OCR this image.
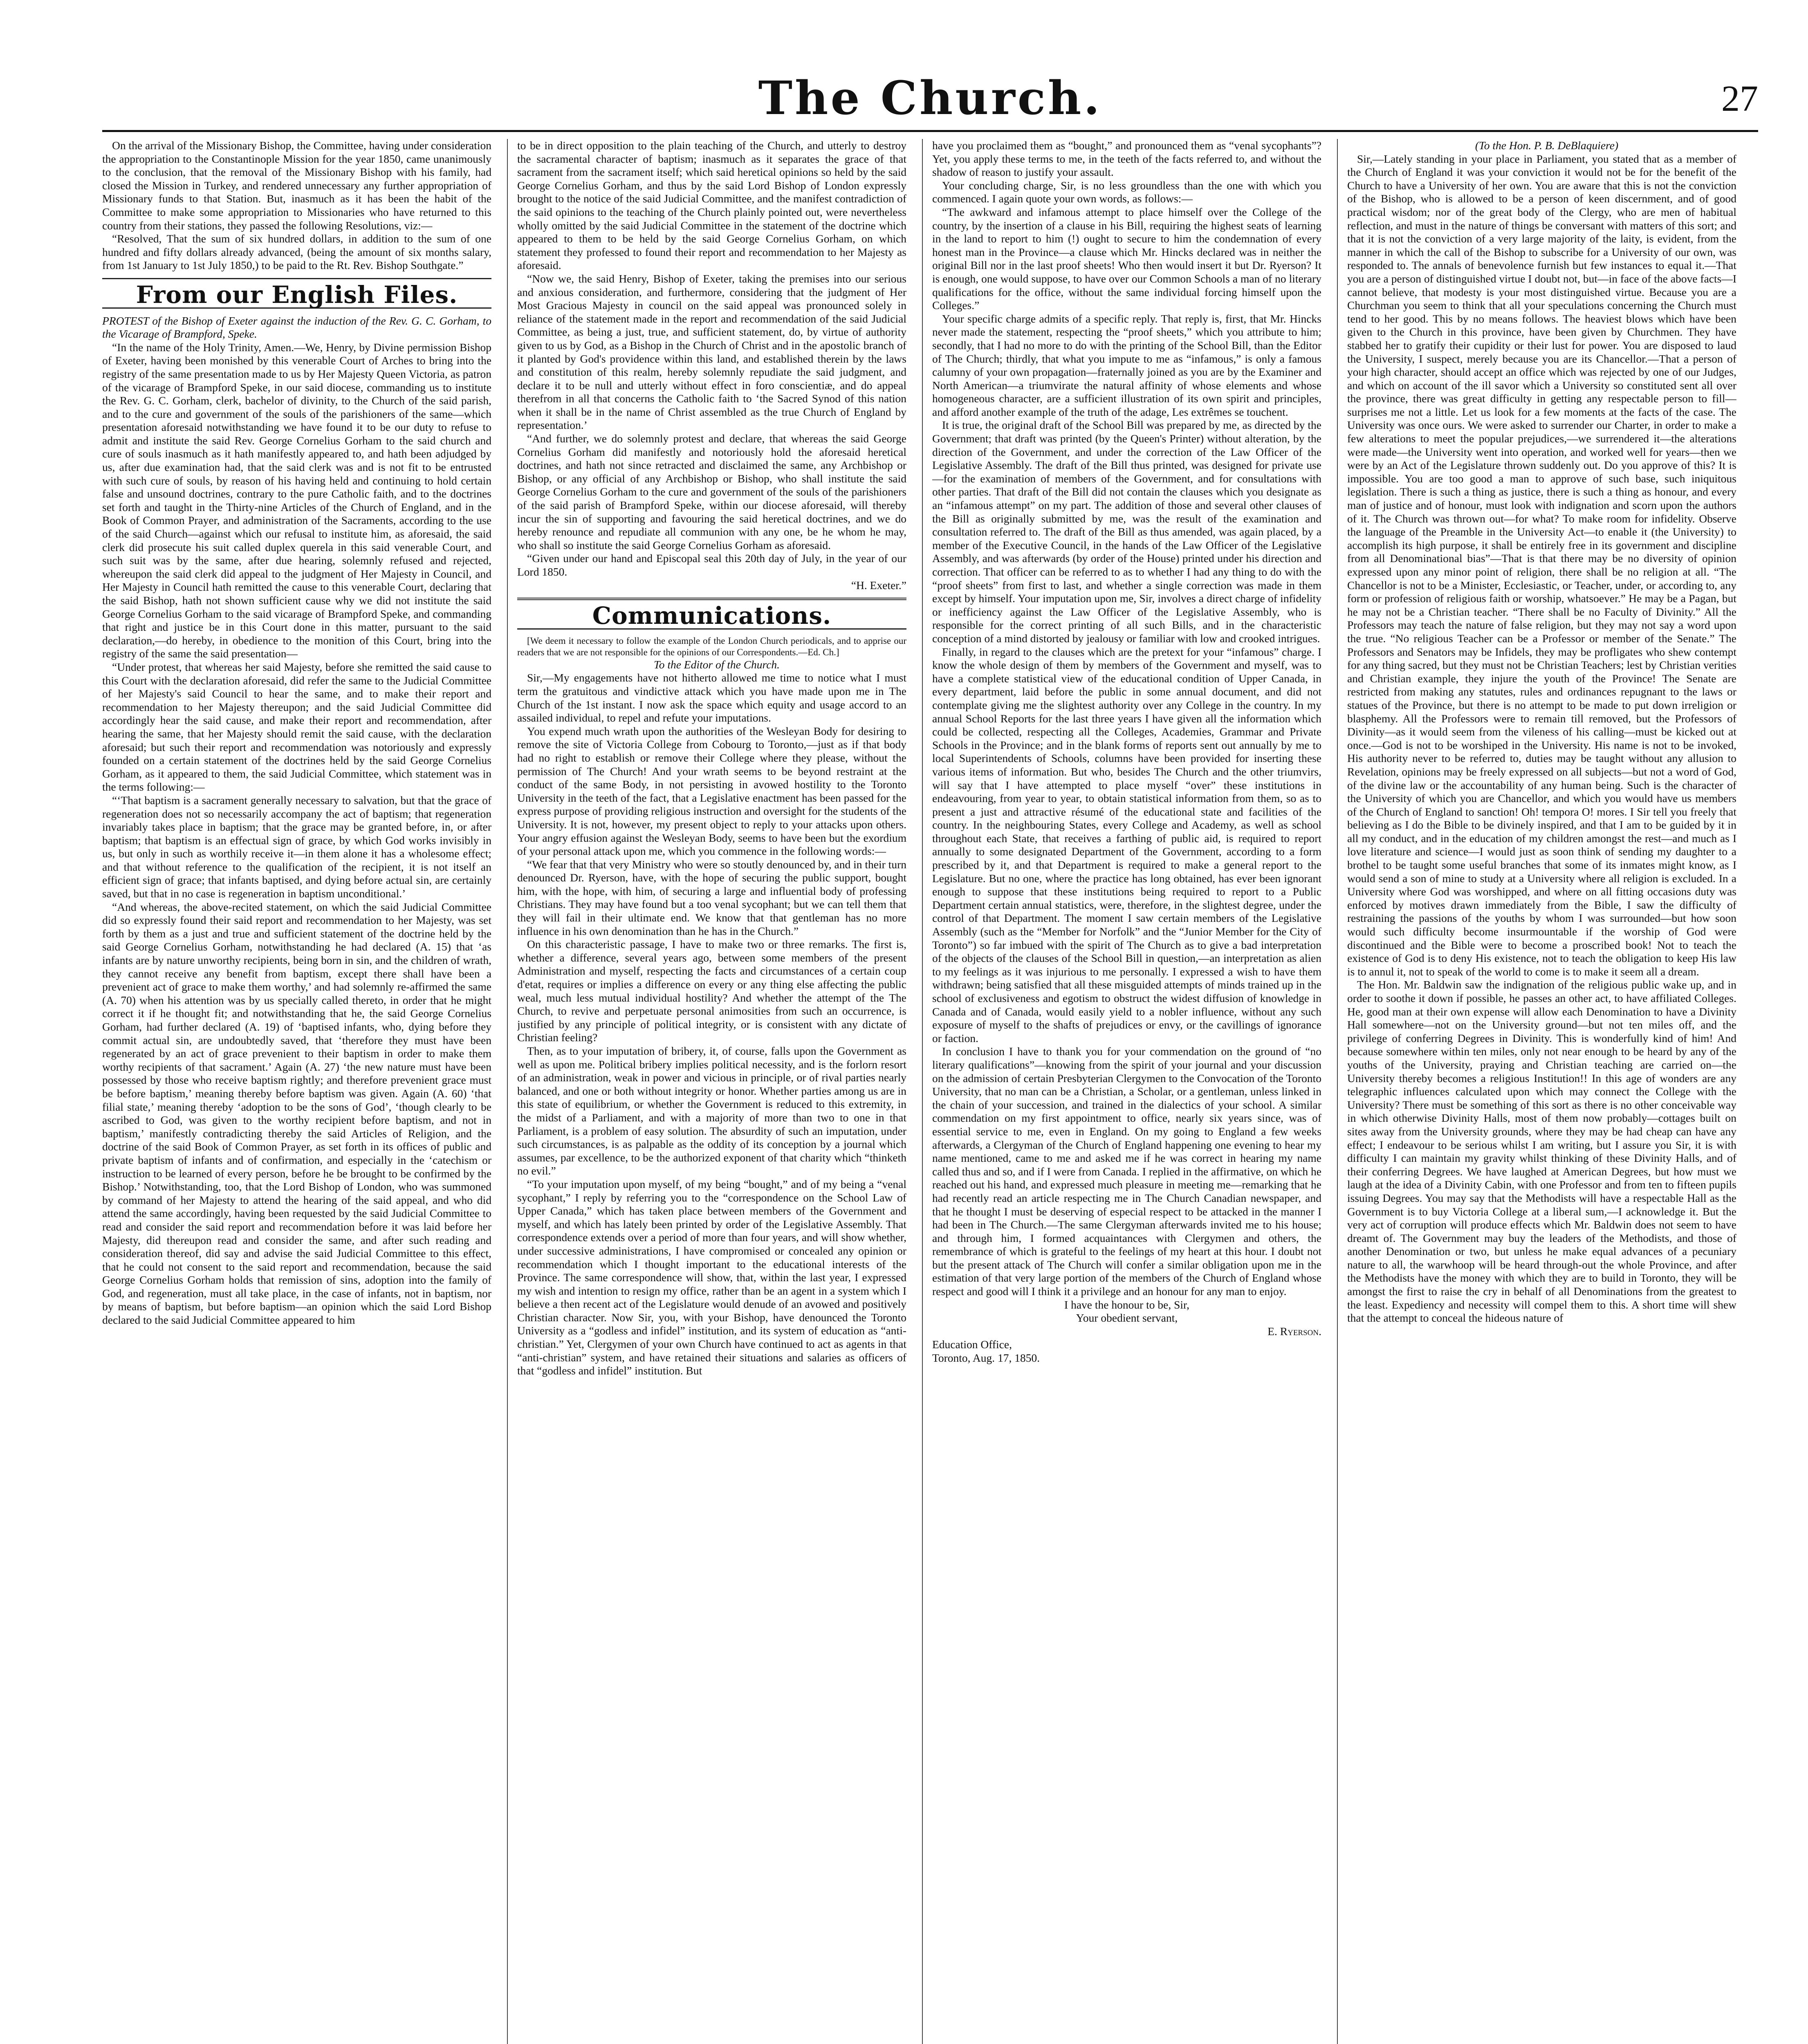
The Church.	27

On the arrival of the Missionary Bishop, the Committee, having under consideration the appropriation to the Constantinople Mission for the year 1850, came unanimously to the conclusion, that the removal of the Missionary Bishop with his family, had closed the Mission in Turkey, and rendered unnecessary any further appropriation of Missionary funds to that Station. But, inasmuch as it has been the habit of the Committee to make some appropriation to Missionaries who have returned to this country from their stations, they passed the following Resolutions, viz:—

“Resolved, That the sum of six hundred dollars, in addition to the sum of one hundred and fifty dollars already advanced, (being the amount of six months salary, from 1st January to 1st July 1850,) to be paid to the Rt. Rev. Bishop Southgate.”

From our English Files.

PROTEST of the Bishop of Exeter against the induction of the Rev. G. C. Gorham, to the Vicarage of Brampford, Speke.

“In the name of the Holy Trinity, Amen.—We, Henry, by Divine permission Bishop of Exeter, having been monished by this venerable Court of Arches to bring into the registry of the same presentation made to us by Her Majesty Queen Victoria, as patron of the vicarage of Brampford Speke, in our said diocese, commanding us to institute the Rev. G. C. Gorham, clerk, bachelor of divinity, to the Church of the said parish, and to the cure and government of the souls of the parishioners of the same—which presentation aforesaid notwithstanding we have found it to be our duty to refuse to admit and institute the said Rev. George Cornelius Gorham to the said church and cure of souls inasmuch as it hath manifestly appeared to, and hath been adjudged by us, after due examination had, that the said clerk was and is not fit to be entrusted with such cure of souls, by reason of his having held and continuing to hold certain false and unsound doctrines, contrary to the pure Catholic faith, and to the doctrines set forth and taught in the Thirty-nine Articles of the Church of England, and in the Book of Common Prayer, and administration of the Sacraments, according to the use of the said Church—against which our refusal to institute him, as aforesaid, the said clerk did prosecute his suit called duplex querela in this said venerable Court, and such suit was by the same, after due hearing, solemnly refused and rejected, whereupon the said clerk did appeal to the judgment of Her Majesty in Council, and Her Majesty in Council hath remitted the cause to this venerable Court, declaring that the said Bishop, hath not shown sufficient cause why we did not institute the said George Cornelius Gorham to the said vicarage of Brampford Speke, and commanding that right and justice be in this Court done in this matter, pursuant to the said declaration,—do hereby, in obedience to the monition of this Court, bring into the registry of the same the said presentation—

“Under protest, that whereas her said Majesty, before she remitted the said cause to this Court with the declaration aforesaid, did refer the same to the Judicial Committee of her Majesty's said Council to hear the same, and to make their report and recommendation to her Majesty thereupon; and the said Judicial Committee did accordingly hear the said cause, and make their report and recommendation, after hearing the same, that her Majesty should remit the said cause, with the declaration aforesaid; but such their report and recommendation was notoriously and expressly founded on a certain statement of the doctrines held by the said George Cornelius Gorham, as it appeared to them, the said Judicial Committee, which statement was in the terms following:—

“‘That baptism is a sacrament generally necessary to salvation, but that the grace of regeneration does not so necessarily accompany the act of baptism; that regeneration invariably takes place in baptism; that the grace may be granted before, in, or after baptism; that baptism is an effectual sign of grace, by which God works invisibly in us, but only in such as worthily receive it—in them alone it has a wholesome effect; and that without reference to the qualification of the recipient, it is not itself an efficient sign of grace; that infants baptised, and dying before actual sin, are certainly saved, but that in no case is regeneration in baptism unconditional.’

“And whereas, the above-recited statement, on which the said Judicial Committee did so expressly found their said report and recommendation to her Majesty, was set forth by them as a just and true and sufficient statement of the doctrine held by the said George Cornelius Gorham, notwithstanding he had declared (A. 15) that ‘as infants are by nature unworthy recipients, being born in sin, and the children of wrath, they cannot receive any benefit from baptism, except there shall have been a prevenient act of grace to make them worthy,’ and had solemnly re-affirmed the same (A. 70) when his attention was by us specially called thereto, in order that he might correct it if he thought fit; and notwithstanding that he, the said George Cornelius Gorham, had further declared (A. 19) of ‘baptised infants, who, dying before they commit actual sin, are undoubtedly saved, that ‘therefore they must have been regenerated by an act of grace prevenient to their baptism in order to make them worthy recipients of that sacrament.’ Again (A. 27) ‘the new nature must have been possessed by those who receive baptism rightly; and therefore prevenient grace must be before baptism,’ meaning thereby before baptism was given. Again (A. 60) ‘that filial state,’ meaning thereby ‘adoption to be the sons of God’, ‘though clearly to be ascribed to God, was given to the worthy recipient before baptism, and not in baptism,’ manifestly contradicting thereby the said Articles of Religion, and the doctrine of the said Book of Common Prayer, as set forth in its offices of public and private baptism of infants and of confirmation, and especially in the ‘catechism or instruction to be learned of every person, before he be brought to be confirmed by the Bishop.’ Notwithstanding, too, that the Lord Bishop of London, who was summoned by command of her Majesty to attend the hearing of the said appeal, and who did attend the same accordingly, having been requested by the said Judicial Committee to read and consider the said report and recommendation before it was laid before her Majesty, did thereupon read and consider the same, and after such reading and consideration thereof, did say and advise the said Judicial Committee to this effect, that he could not consent to the said report and recommendation, because the said George Cornelius Gorham holds that remission of sins, adoption into the family of God, and regeneration, must all take place, in the case of infants, not in baptism, nor by means of baptism, but before baptism—an opinion which the said Lord Bishop declared to the said Judicial Committee appeared to him

to be in direct opposition to the plain teaching of the Church, and utterly to destroy the sacramental character of baptism; inasmuch as it separates the grace of that sacrament from the sacrament itself; which said heretical opinions so held by the said George Cornelius Gorham, and thus by the said Lord Bishop of London expressly brought to the notice of the said Judicial Committee, and the manifest contradiction of the said opinions to the teaching of the Church plainly pointed out, were nevertheless wholly omitted by the said Judicial Committee in the statement of the doctrine which appeared to them to be held by the said George Cornelius Gorham, on which statement they professed to found their report and recommendation to her Majesty as aforesaid.

“Now we, the said Henry, Bishop of Exeter, taking the premises into our serious and anxious consideration, and furthermore, considering that the judgment of Her Most Gracious Majesty in council on the said appeal was pronounced solely in reliance of the statement made in the report and recommendation of the said Judicial Committee, as being a just, true, and sufficient statement, do, by virtue of authority given to us by God, as a Bishop in the Church of Christ and in the apostolic branch of it planted by God's providence within this land, and established therein by the laws and constitution of this realm, hereby solemnly repudiate the said judgment, and declare it to be null and utterly without effect in foro conscientiæ, and do appeal therefrom in all that concerns the Catholic faith to ‘the Sacred Synod of this nation when it shall be in the name of Christ assembled as the true Church of England by representation.’

“And further, we do solemnly protest and declare, that whereas the said George Cornelius Gorham did manifestly and notoriously hold the aforesaid heretical doctrines, and hath not since retracted and disclaimed the same, any Archbishop or Bishop, or any official of any Archbishop or Bishop, who shall institute the said George Cornelius Gorham to the cure and government of the souls of the parishioners of the said parish of Brampford Speke, within our diocese aforesaid, will thereby incur the sin of supporting and favouring the said heretical doctrines, and we do hereby renounce and repudiate all communion with any one, be he whom he may, who shall so institute the said George Cornelius Gorham as aforesaid.

“Given under our hand and Episcopal seal this 20th day of July, in the year of our Lord 1850.

“H. Exeter.”

Communications.

[We deem it necessary to follow the example of the London Church periodicals, and to apprise our readers that we are not responsible for the opinions of our Correspondents.—Ed. Ch.]

To the Editor of the Church.

Sir,—My engagements have not hitherto allowed me time to notice what I must term the gratuitous and vindictive attack which you have made upon me in The Church of the 1st instant. I now ask the space which equity and usage accord to an assailed individual, to repel and refute your imputations.

You expend much wrath upon the authorities of the Wesleyan Body for desiring to remove the site of Victoria College from Cobourg to Toronto,—just as if that body had no right to establish or remove their College where they please, without the permission of The Church! And your wrath seems to be beyond restraint at the conduct of the same Body, in not persisting in avowed hostility to the Toronto University in the teeth of the fact, that a Legislative enactment has been passed for the express purpose of providing religious instruction and oversight for the students of the University. It is not, however, my present object to reply to your attacks upon others. Your angry effusion against the Wesleyan Body, seems to have been but the exordium of your personal attack upon me, which you commence in the following words:—

“We fear that that very Ministry who were so stoutly denounced by, and in their turn denounced Dr. Ryerson, have, with the hope of securing the public support, bought him, with the hope, with him, of securing a large and influential body of professing Christians. They may have found but a too venal sycophant; but we can tell them that they will fail in their ultimate end. We know that that gentleman has no more influence in his own denomination than he has in the Church.”

On this characteristic passage, I have to make two or three remarks. The first is, whether a difference, several years ago, between some members of the present Administration and myself, respecting the facts and circumstances of a certain coup d'etat, requires or implies a difference on every or any thing else affecting the public weal, much less mutual individual hostility? And whether the attempt of the The Church, to revive and perpetuate personal animosities from such an occurrence, is justified by any principle of political integrity, or is consistent with any dictate of Christian feeling?

Then, as to your imputation of bribery, it, of course, falls upon the Government as well as upon me. Political bribery implies political necessity, and is the forlorn resort of an administration, weak in power and vicious in principle, or of rival parties nearly balanced, and one or both without integrity or honor. Whether parties among us are in this state of equilibrium, or whether the Government is reduced to this extremity, in the midst of a Parliament, and with a majority of more than two to one in that Parliament, is a problem of easy solution. The absurdity of such an imputation, under such circumstances, is as palpable as the oddity of its conception by a journal which assumes, par excellence, to be the authorized exponent of that charity which “thinketh no evil.”

“To your imputation upon myself, of my being “bought,” and of my being a “venal sycophant,” I reply by referring you to the “correspondence on the School Law of Upper Canada,” which has taken place between members of the Government and myself, and which has lately been printed by order of the Legislative Assembly. That correspondence extends over a period of more than four years, and will show whether, under successive administrations, I have compromised or concealed any opinion or recommendation which I thought important to the educational interests of the Province. The same correspondence will show, that, within the last year, I expressed my wish and intention to resign my office, rather than be an agent in a system which I believe a then recent act of the Legislature would denude of an avowed and positively Christian character. Now Sir, you, with your Bishop, have denounced the Toronto University as a “godless and infidel” institution, and its system of education as “anti-christian.” Yet, Clergymen of your own Church have continued to act as agents in that “anti-christian” system, and have retained their situations and salaries as officers of that “godless and infidel” institution. But

have you proclaimed them as “bought,” and pronounced them as “venal sycophants”? Yet, you apply these terms to me, in the teeth of the facts referred to, and without the shadow of reason to justify your assault.

Your concluding charge, Sir, is no less groundless than the one with which you commenced. I again quote your own words, as follows:—

“The awkward and infamous attempt to place himself over the College of the country, by the insertion of a clause in his Bill, requiring the highest seats of learning in the land to report to him (!) ought to secure to him the condemnation of every honest man in the Province—a clause which Mr. Hincks declared was in neither the original Bill nor in the last proof sheets! Who then would insert it but Dr. Ryerson? It is enough, one would suppose, to have over our Common Schools a man of no literary qualifications for the office, without the same individual forcing himself upon the Colleges.”

Your specific charge admits of a specific reply. That reply is, first, that Mr. Hincks never made the statement, respecting the “proof sheets,” which you attribute to him; secondly, that I had no more to do with the printing of the School Bill, than the Editor of The Church; thirdly, that what you impute to me as “infamous,” is only a famous calumny of your own propagation—fraternally joined as you are by the Examiner and North American—a triumvirate the natural affinity of whose elements and whose homogeneous character, are a sufficient illustration of its own spirit and principles, and afford another example of the truth of the adage, Les extrêmes se touchent.

It is true, the original draft of the School Bill was prepared by me, as directed by the Government; that draft was printed (by the Queen's Printer) without alteration, by the direction of the Government, and under the correction of the Law Officer of the Legislative Assembly. The draft of the Bill thus printed, was designed for private use—for the examination of members of the Government, and for consultations with other parties. That draft of the Bill did not contain the clauses which you designate as an “infamous attempt” on my part. The addition of those and several other clauses of the Bill as originally submitted by me, was the result of the examination and consultation referred to. The draft of the Bill as thus amended, was again placed, by a member of the Executive Council, in the hands of the Law Officer of the Legislative Assembly, and was afterwards (by order of the House) printed under his direction and correction. That officer can be referred to as to whether I had any thing to do with the “proof sheets” from first to last, and whether a single correction was made in them except by himself. Your imputation upon me, Sir, involves a direct charge of infidelity or inefficiency against the Law Officer of the Legislative Assembly, who is responsible for the correct printing of all such Bills, and in the characteristic conception of a mind distorted by jealousy or familiar with low and crooked intrigues.

Finally, in regard to the clauses which are the pretext for your “infamous” charge. I know the whole design of them by members of the Government and myself, was to have a complete statistical view of the educational condition of Upper Canada, in every department, laid before the public in some annual document, and did not contemplate giving me the slightest authority over any College in the country. In my annual School Reports for the last three years I have given all the information which could be collected, respecting all the Colleges, Academies, Grammar and Private Schools in the Province; and in the blank forms of reports sent out annually by me to local Superintendents of Schools, columns have been provided for inserting these various items of information. But who, besides The Church and the other triumvirs, will say that I have attempted to place myself “over” these institutions in endeavouring, from year to year, to obtain statistical information from them, so as to present a just and attractive résumé of the educational state and facilities of the country. In the neighbouring States, every College and Academy, as well as school throughout each State, that receives a farthing of public aid, is required to report annually to some designated Department of the Government, according to a form prescribed by it, and that Department is required to make a general report to the Legislature. But no one, where the practice has long obtained, has ever been ignorant enough to suppose that these institutions being required to report to a Public Department certain annual statistics, were, therefore, in the slightest degree, under the control of that Department. The moment I saw certain members of the Legislative Assembly (such as the “Member for Norfolk” and the “Junior Member for the City of Toronto”) so far imbued with the spirit of The Church as to give a bad interpretation of the objects of the clauses of the School Bill in question,—an interpretation as alien to my feelings as it was injurious to me personally. I expressed a wish to have them withdrawn; being satisfied that all these misguided attempts of minds trained up in the school of exclusiveness and egotism to obstruct the widest diffusion of knowledge in Canada and of Canada, would easily yield to a nobler influence, without any such exposure of myself to the shafts of prejudices or envy, or the cavillings of ignorance or faction.

In conclusion I have to thank you for your commendation on the ground of “no literary qualifications”—knowing from the spirit of your journal and your discussion on the admission of certain Presbyterian Clergymen to the Convocation of the Toronto University, that no man can be a Christian, a Scholar, or a gentleman, unless linked in the chain of your succession, and trained in the dialectics of your school. A similar commendation on my first appointment to office, nearly six years since, was of essential service to me, even in England. On my going to England a few weeks afterwards, a Clergyman of the Church of England happening one evening to hear my name mentioned, came to me and asked me if he was correct in hearing my name called thus and so, and if I were from Canada. I replied in the affirmative, on which he reached out his hand, and expressed much pleasure in meeting me—remarking that he had recently read an article respecting me in The Church Canadian newspaper, and that he thought I must be deserving of especial respect to be attacked in the manner I had been in The Church.—The same Clergyman afterwards invited me to his house; and through him, I formed acquaintances with Clergymen and others, the remembrance of which is grateful to the feelings of my heart at this hour. I doubt not but the present attack of The Church will confer a similar obligation upon me in the estimation of that very large portion of the members of the Church of England whose respect and good will I think it a privilege and an honour for any man to enjoy.

I have the honour to be, Sir,

Your obedient servant,

E. Ryerson.

Education Office,

Toronto, Aug. 17, 1850.

(To the Hon. P. B. DeBlaquiere)

Sir,—Lately standing in your place in Parliament, you stated that as a member of the Church of England it was your conviction it would not be for the benefit of the Church to have a University of her own. You are aware that this is not the conviction of the Bishop, who is allowed to be a person of keen discernment, and of good practical wisdom; nor of the great body of the Clergy, who are men of habitual reflection, and must in the nature of things be conversant with matters of this sort; and that it is not the conviction of a very large majority of the laity, is evident, from the manner in which the call of the Bishop to subscribe for a University of our own, was responded to. The annals of benevolence furnish but few instances to equal it.—That you are a person of distinguished virtue I doubt not, but—in face of the above facts—I cannot believe, that modesty is your most distinguished virtue. Because you are a Churchman you seem to think that all your speculations concerning the Church must tend to her good. This by no means follows. The heaviest blows which have been given to the Church in this province, have been given by Churchmen. They have stabbed her to gratify their cupidity or their lust for power. You are disposed to laud the University, I suspect, merely because you are its Chancellor.—That a person of your high character, should accept an office which was rejected by one of our Judges, and which on account of the ill savor which a University so constituted sent all over the province, there was great difficulty in getting any respectable person to fill—surprises me not a little. Let us look for a few moments at the facts of the case. The University was once ours. We were asked to surrender our Charter, in order to make a few alterations to meet the popular prejudices,—we surrendered it—the alterations were made—the University went into operation, and worked well for years—then we were by an Act of the Legislature thrown suddenly out. Do you approve of this? It is impossible. You are too good a man to approve of such base, such iniquitous legislation. There is such a thing as justice, there is such a thing as honour, and every man of justice and of honour, must look with indignation and scorn upon the authors of it. The Church was thrown out—for what? To make room for infidelity. Observe the language of the Preamble in the University Act—to enable it (the University) to accomplish its high purpose, it shall be entirely free in its government and discipline from all Denominational bias”—That is that there may be no diversity of opinion expressed upon any minor point of religion, there shall be no religion at all. “The Chancellor is not to be a Minister, Ecclesiastic, or Teacher, under, or according to, any form or profession of religious faith or worship, whatsoever.” He may be a Pagan, but he may not be a Christian teacher. “There shall be no Faculty of Divinity.” All the Professors may teach the nature of false religion, but they may not say a word upon the true. “No religious Teacher can be a Professor or member of the Senate.” The Professors and Senators may be Infidels, they may be profligates who shew contempt for any thing sacred, but they must not be Christian Teachers; lest by Christian verities and Christian example, they injure the youth of the Province! The Senate are restricted from making any statutes, rules and ordinances repugnant to the laws or statues of the Province, but there is no attempt to be made to put down irreligion or blasphemy. All the Professors were to remain till removed, but the Professors of Divinity—as it would seem from the vileness of his calling—must be kicked out at once.—God is not to be worshiped in the University. His name is not to be invoked, His authority never to be referred to, duties may be taught without any allusion to Revelation, opinions may be freely expressed on all subjects—but not a word of God, of the divine law or the accountability of any human being. Such is the character of the University of which you are Chancellor, and which you would have us members of the Church of England to sanction! Oh! tempora O! mores. I Sir tell you freely that believing as I do the Bible to be divinely inspired, and that I am to be guided by it in all my conduct, and in the education of my children amongst the rest—and much as I love literature and science—I would just as soon think of sending my daughter to a brothel to be taught some useful branches that some of its inmates might know, as I would send a son of mine to study at a University where all religion is excluded. In a University where God was worshipped, and where on all fitting occasions duty was enforced by motives drawn immediately from the Bible, I saw the difficulty of restraining the passions of the youths by whom I was surrounded—but how soon would such difficulty become insurmountable if the worship of God were discontinued and the Bible were to become a proscribed book! Not to teach the existence of God is to deny His existence, not to teach the obligation to keep His law is to annul it, not to speak of the world to come is to make it seem all a dream.

The Hon. Mr. Baldwin saw the indignation of the religious public wake up, and in order to soothe it down if possible, he passes an other act, to have affiliated Colleges. He, good man at their own expense will allow each Denomination to have a Divinity Hall somewhere—not on the University ground—but not ten miles off, and the privilege of conferring Degrees in Divinity. This is wonderfully kind of him! And because somewhere within ten miles, only not near enough to be heard by any of the youths of the University, praying and Christian teaching are carried on—the University thereby becomes a religious Institution!! In this age of wonders are any telegraphic influences calculated upon which may connect the College with the University? There must be something of this sort as there is no other conceivable way in which otherwise Divinity Halls, most of them now probably—cottages built on sites away from the University grounds, where they may be had cheap can have any effect; I endeavour to be serious whilst I am writing, but I assure you Sir, it is with difficulty I can maintain my gravity whilst thinking of these Divinity Halls, and of their conferring Degrees. We have laughed at American Degrees, but how must we laugh at the idea of a Divinity Cabin, with one Professor and from ten to fifteen pupils issuing Degrees. You may say that the Methodists will have a respectable Hall as the Government is to buy Victoria College at a liberal sum,—I acknowledge it. But the very act of corruption will produce effects which Mr. Baldwin does not seem to have dreamt of. The Government may buy the leaders of the Methodists, and those of another Denomination or two, but unless he make equal advances of a pecuniary nature to all, the warwhoop will be heard through-out the whole Province, and after the Methodists have the money with which they are to build in Toronto, they will be amongst the first to raise the cry in behalf of all Denominations from the greatest to the least. Expediency and necessity will compel them to this. A short time will shew that the attempt to conceal the hideous nature of
